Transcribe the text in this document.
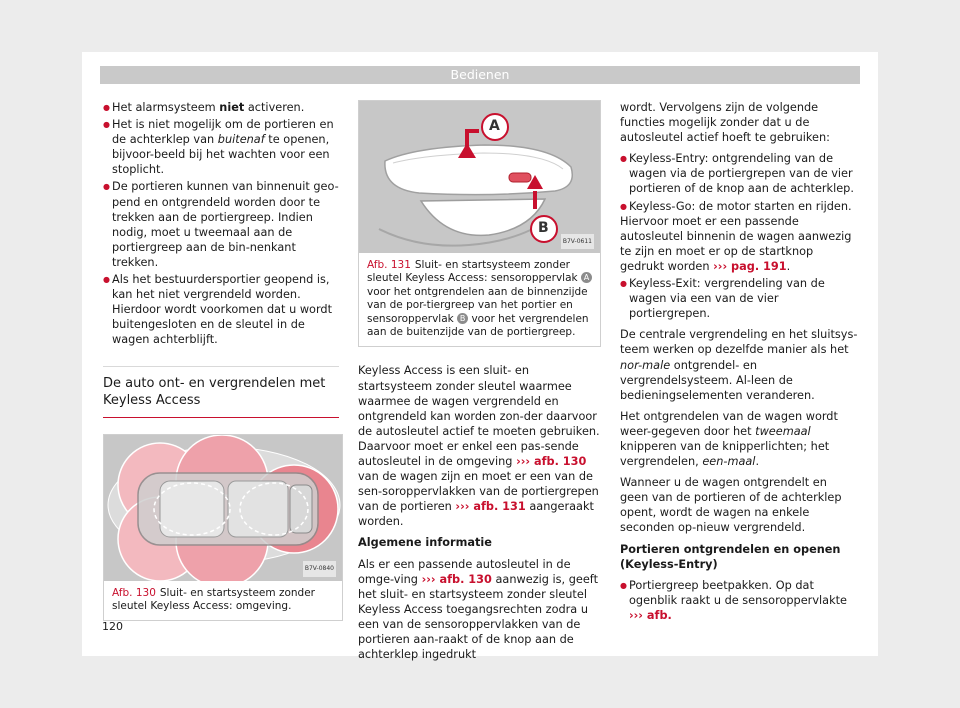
Bedienen

● Het alarmsysteem niet activeren.

● Het is niet mogelijk om de portieren en de achterklep van buitenaf te openen, bijvoor-beeld bij het wachten voor een stoplicht.

● De portieren kunnen van binnenuit geo-pend en ontgrendeld worden door te trekken aan de portiergreep. Indien nodig, moet u tweemaal aan de portiergreep aan de bin-nenkant trekken.

● Als het bestuurdersportier geopend is, kan het niet vergrendeld worden. Hierdoor wordt voorkomen dat u wordt buitengesloten en de sleutel in de wagen achterblijft.

De auto ont- en vergrendelen met Keyless Access
B7V-0840
Afb. 130 Sluit- en startsysteem zonder sleutel Keyless Access: omgeving.
A
B
B7V-0611
Afb. 131 Sluit- en startsysteem zonder sleutel Keyless Access: sensoroppervlak A voor het ontgrendelen aan de binnenzijde van de por-tiergreep van het portier en sensoroppervlak B voor het vergrendelen aan de buitenzijde van de portiergreep.

Keyless Access is een sluit- en startsysteem zonder sleutel waarmee waarmee de wagen vergrendeld en ontgrendeld kan worden zon-der daarvoor de autosleutel actief te moeten gebruiken. Daarvoor moet er enkel een pas-sende autosleutel in de omgeving ››› afb. 130 van de wagen zijn en moet er een van de sen-soroppervlakken van de portiergrepen van de portieren ››› afb. 131 aangeraakt worden.

Algemene informatie

Als er een passende autosleutel in de omge-ving ››› afb. 130 aanwezig is, geeft het sluit- en startsysteem zonder sleutel Keyless Access toegangsrechten zodra u een van de sensoroppervlakken van de portieren aan-raakt of de knop aan de achterklep ingedrukt

wordt. Vervolgens zijn de volgende functies mogelijk zonder dat u de autosleutel actief hoeft te gebruiken:

● Keyless-Entry: ontgrendeling van de wagen via de portiergrepen van de vier portieren of de knop aan de achterklep.

● Keyless-Go: de motor starten en rijden.

Hiervoor moet er een passende autosleutel binnenin de wagen aanwezig te zijn en moet er op de startknop gedrukt worden ››› pag. 191.

● Keyless-Exit: vergrendeling van de wagen via een van de vier portiergrepen.

De centrale vergrendeling en het sluitsys-teem werken op dezelfde manier als het nor-male ontgrendel- en vergrendelsysteem. Al-leen de bedieningselementen veranderen.

Het ontgrendelen van de wagen wordt weer-gegeven door het tweemaal knipperen van de knipperlichten; het vergrendelen, een-maal.

Wanneer u de wagen ontgrendelt en geen van de portieren of de achterklep opent, wordt de wagen na enkele seconden op-nieuw vergrendeld.

Portieren ontgrendelen en openen (Keyless-Entry)

● Portiergreep beetpakken. Op dat ogenblik raakt u de sensoroppervlakte ››› afb.

120
